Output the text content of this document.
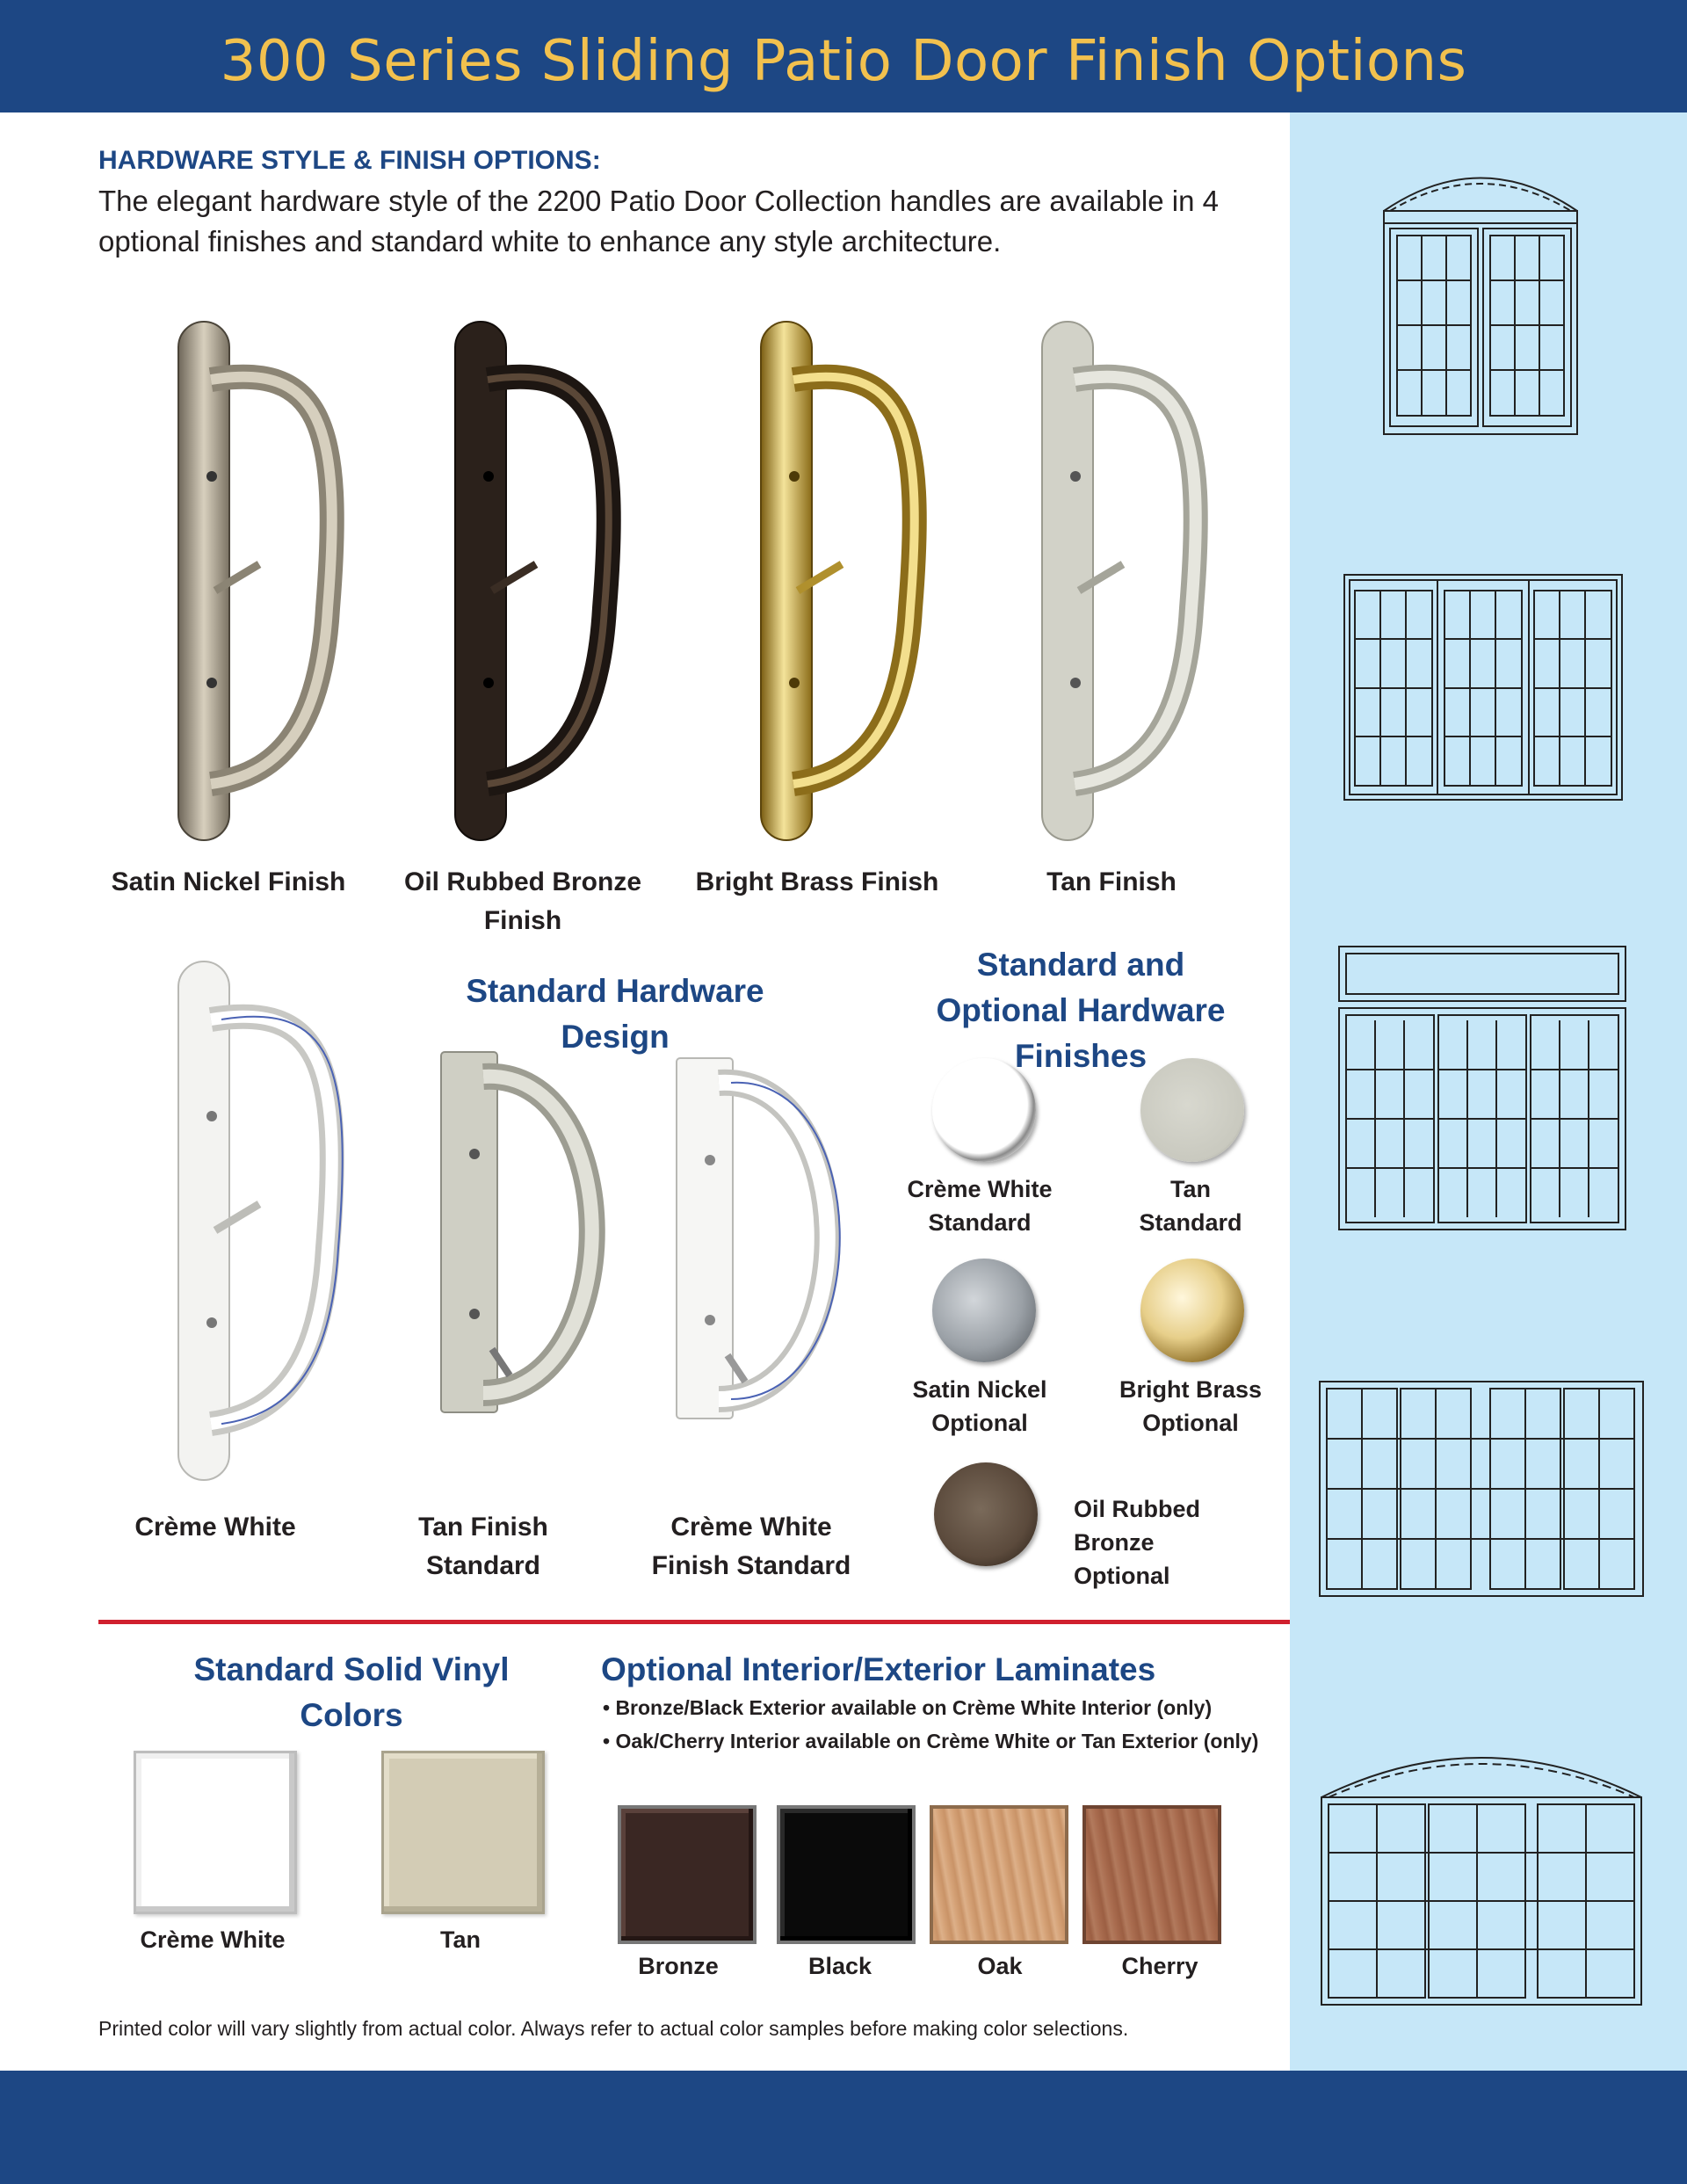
300 Series Sliding Patio Door Finish Options
HARDWARE STYLE & FINISH OPTIONS:
The elegant hardware style of the 2200 Patio Door Collection handles are available in 4 optional finishes and standard white to enhance any style architecture.
Satin Nickel Finish Oil Rubbed Bronze Finish
Bright Brass Finish	Tan Finish
Standard Hardware Design
Crème White	Tan Finish Standard
Crème White Finish Standard
Standard and Optional Hardware Finishes
Crème White Standard
Tan Standard
Satin Nickel Optional
Bright Brass Optional
Oil Rubbed Bronze Optional
Standard Solid Vinyl Colors
Crème White	Tan
Optional Interior/Exterior Laminates
• Bronze/Black Exterior available on Crème White Interior (only)
• Oak/Cherry Interior available on Crème White or Tan Exterior (only)
Bronze	Black	Oak	Cherry
Printed color will vary slightly from actual color. Always refer to actual color samples before making color selections.
